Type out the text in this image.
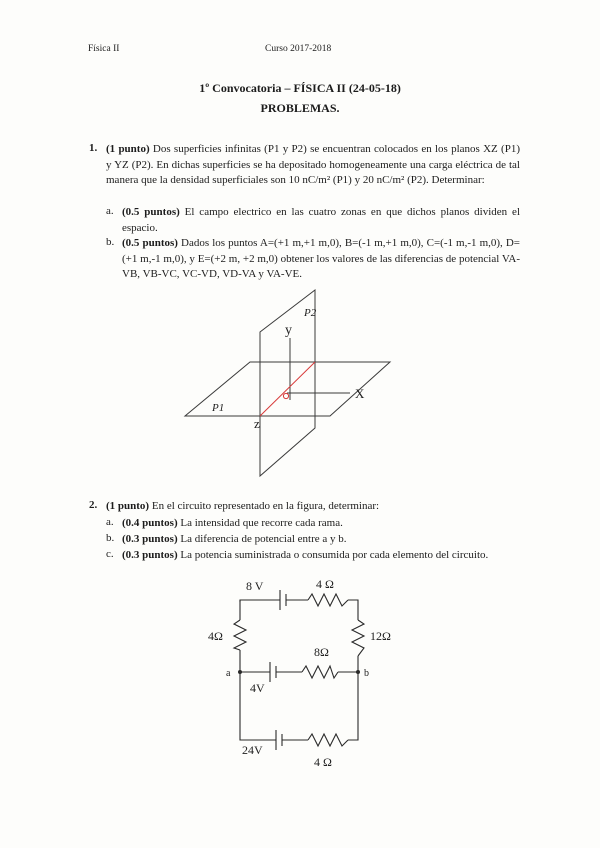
Física II	Curso 2017-2018
1º Convocatoria – FÍSICA II (24-05-18)
PROBLEMAS.
1. (1 punto) Dos superficies infinitas (P1 y P2) se encuentran colocados en los planos XZ (P1) y YZ (P2). En dichas superficies se ha depositado homogeneamente una carga eléctrica de tal manera que la densidad superficiales son 10 nC/m² (P1) y 20 nC/m² (P2). Determinar:
a. (0.5 puntos) El campo electrico en las cuatro zonas en que dichos planos dividen el espacio.
b. (0.5 puntos) Dados los puntos A=(+1 m,+1 m,0), B=(-1 m,+1 m,0), C=(-1 m,-1 m,0), D=(+1 m,-1 m,0), y E=(+2 m, +2 m,0) obtener los valores de las diferencias de potencial VA-VB, VB-VC, VC-VD, VD-VA y VA-VE.
P2
y
X
P1
z
2. (1 punto) En el circuito representado en la figura, determinar:
a. (0.4 puntos) La intensidad que recorre cada rama.
b. (0.3 puntos) La diferencia de potencial entre a y b.
c. (0.3 puntos) La potencia suministrada o consumida por cada elemento del circuito.
8 V	4 Ω
4Ω	12Ω
8Ω
4V
a	b
24V
4 Ω
